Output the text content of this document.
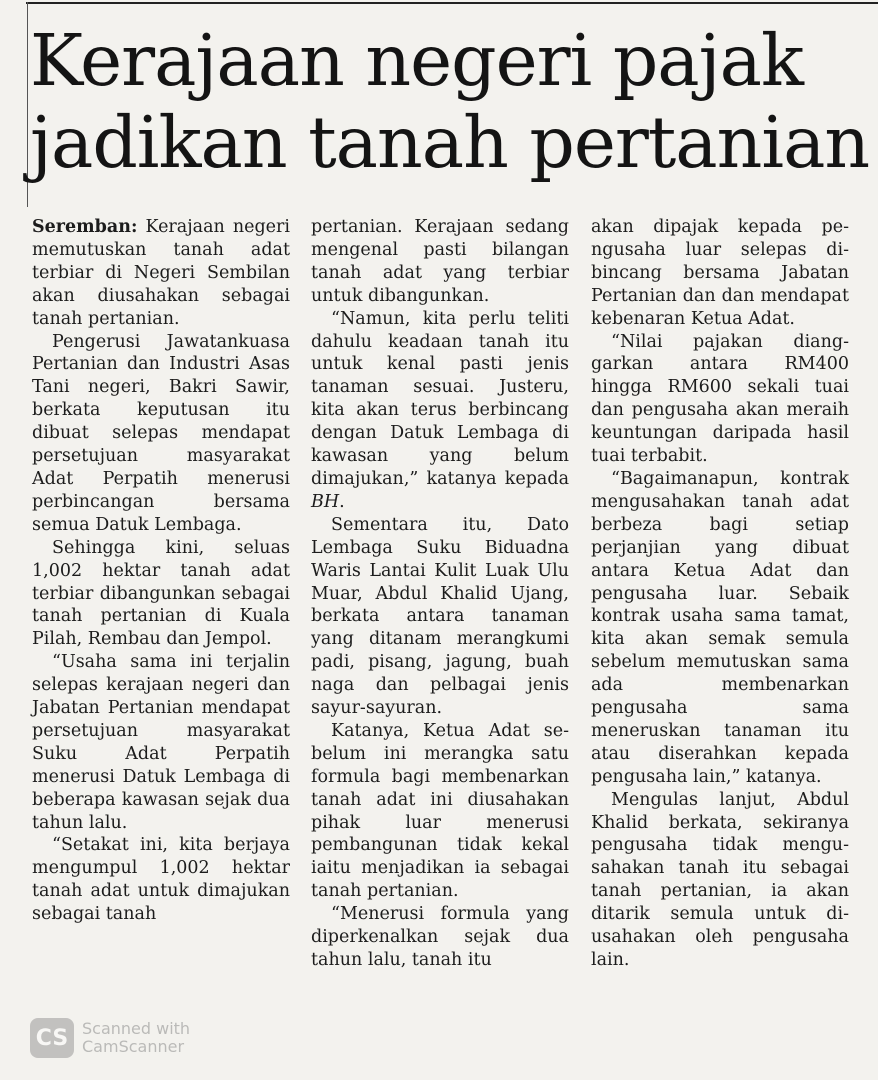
Kerajaan negeri pajak
jadikan tanah pertanian

Seremban: Kerajaan negeri memutuskan tanah adat terbiar di Negeri Sembilan akan diusahakan sebagai tanah pertanian.

Pengerusi Jawatankuasa Pertanian dan Industri Asas Tani negeri, Bakri Sawir, berkata keputusan itu dibuat selepas mendapat persetujuan masyarakat Adat Perpatih menerusi perbincangan bersama semua Datuk Lembaga.

Sehingga kini, seluas 1,002 hektar tanah adat terbiar dibangunkan sebagai tanah pertanian di Kuala Pilah, Rembau dan Jempol.

“Usaha sama ini terjalin selepas kerajaan negeri dan Jabatan Pertanian mendapat persetujuan masyarakat Suku Adat Perpatih menerusi Datuk Lembaga di beberapa kawasan sejak dua tahun lalu.

“Setakat ini, kita berjaya mengumpul 1,002 hektar tanah adat untuk dimajukan sebagai tanah

pertanian. Kerajaan sedang mengenal pasti bilangan tanah adat yang terbiar untuk dibangunkan.

“Namun, kita perlu teliti dahulu keadaan tanah itu untuk kenal pasti jenis tanaman sesuai. Justeru, kita akan terus berbincang dengan Datuk Lembaga di kawasan yang belum dimajukan,” katanya kepada BH.

Sementara itu, Dato Lembaga Suku Biduadna Waris Lantai Kulit Luak Ulu Muar, Abdul Khalid Ujang, berkata antara tanaman yang ditanam merangkumi padi, pisang, jagung, buah naga dan pelbagai jenis sayur-sayuran.

Katanya, Ketua Adat sebelum ini merangka satu formula bagi membenarkan tanah adat ini diusahakan pihak luar menerusi pembangunan tidak kekal iaitu menjadikan ia sebagai tanah pertanian.

“Menerusi formula yang diperkenalkan sejak dua tahun lalu, tanah itu

akan dipajak kepada pengusaha luar selepas dibincang bersama Jabatan Pertanian dan dan mendapat kebenaran Ketua Adat.

“Nilai pajakan dianggarkan antara RM400 hingga RM600 sekali tuai dan pengusaha akan meraih keuntungan daripada hasil tuai terbabit.

“Bagaimanapun, kontrak mengusahakan tanah adat berbeza bagi setiap perjanjian yang dibuat antara Ketua Adat dan pengusaha luar. Sebaik kontrak usaha sama tamat, kita akan semak semula sebelum memutuskan sama ada membenarkan pengusaha sama meneruskan tanaman itu atau diserahkan kepada pengusaha lain,” katanya.

Mengulas lanjut, Abdul Khalid berkata, sekiranya pengusaha tidak mengusahakan tanah itu sebagai tanah pertanian, ia akan ditarik semula untuk diusahakan oleh pengusaha lain.

CS Scanned with
CamScanner
